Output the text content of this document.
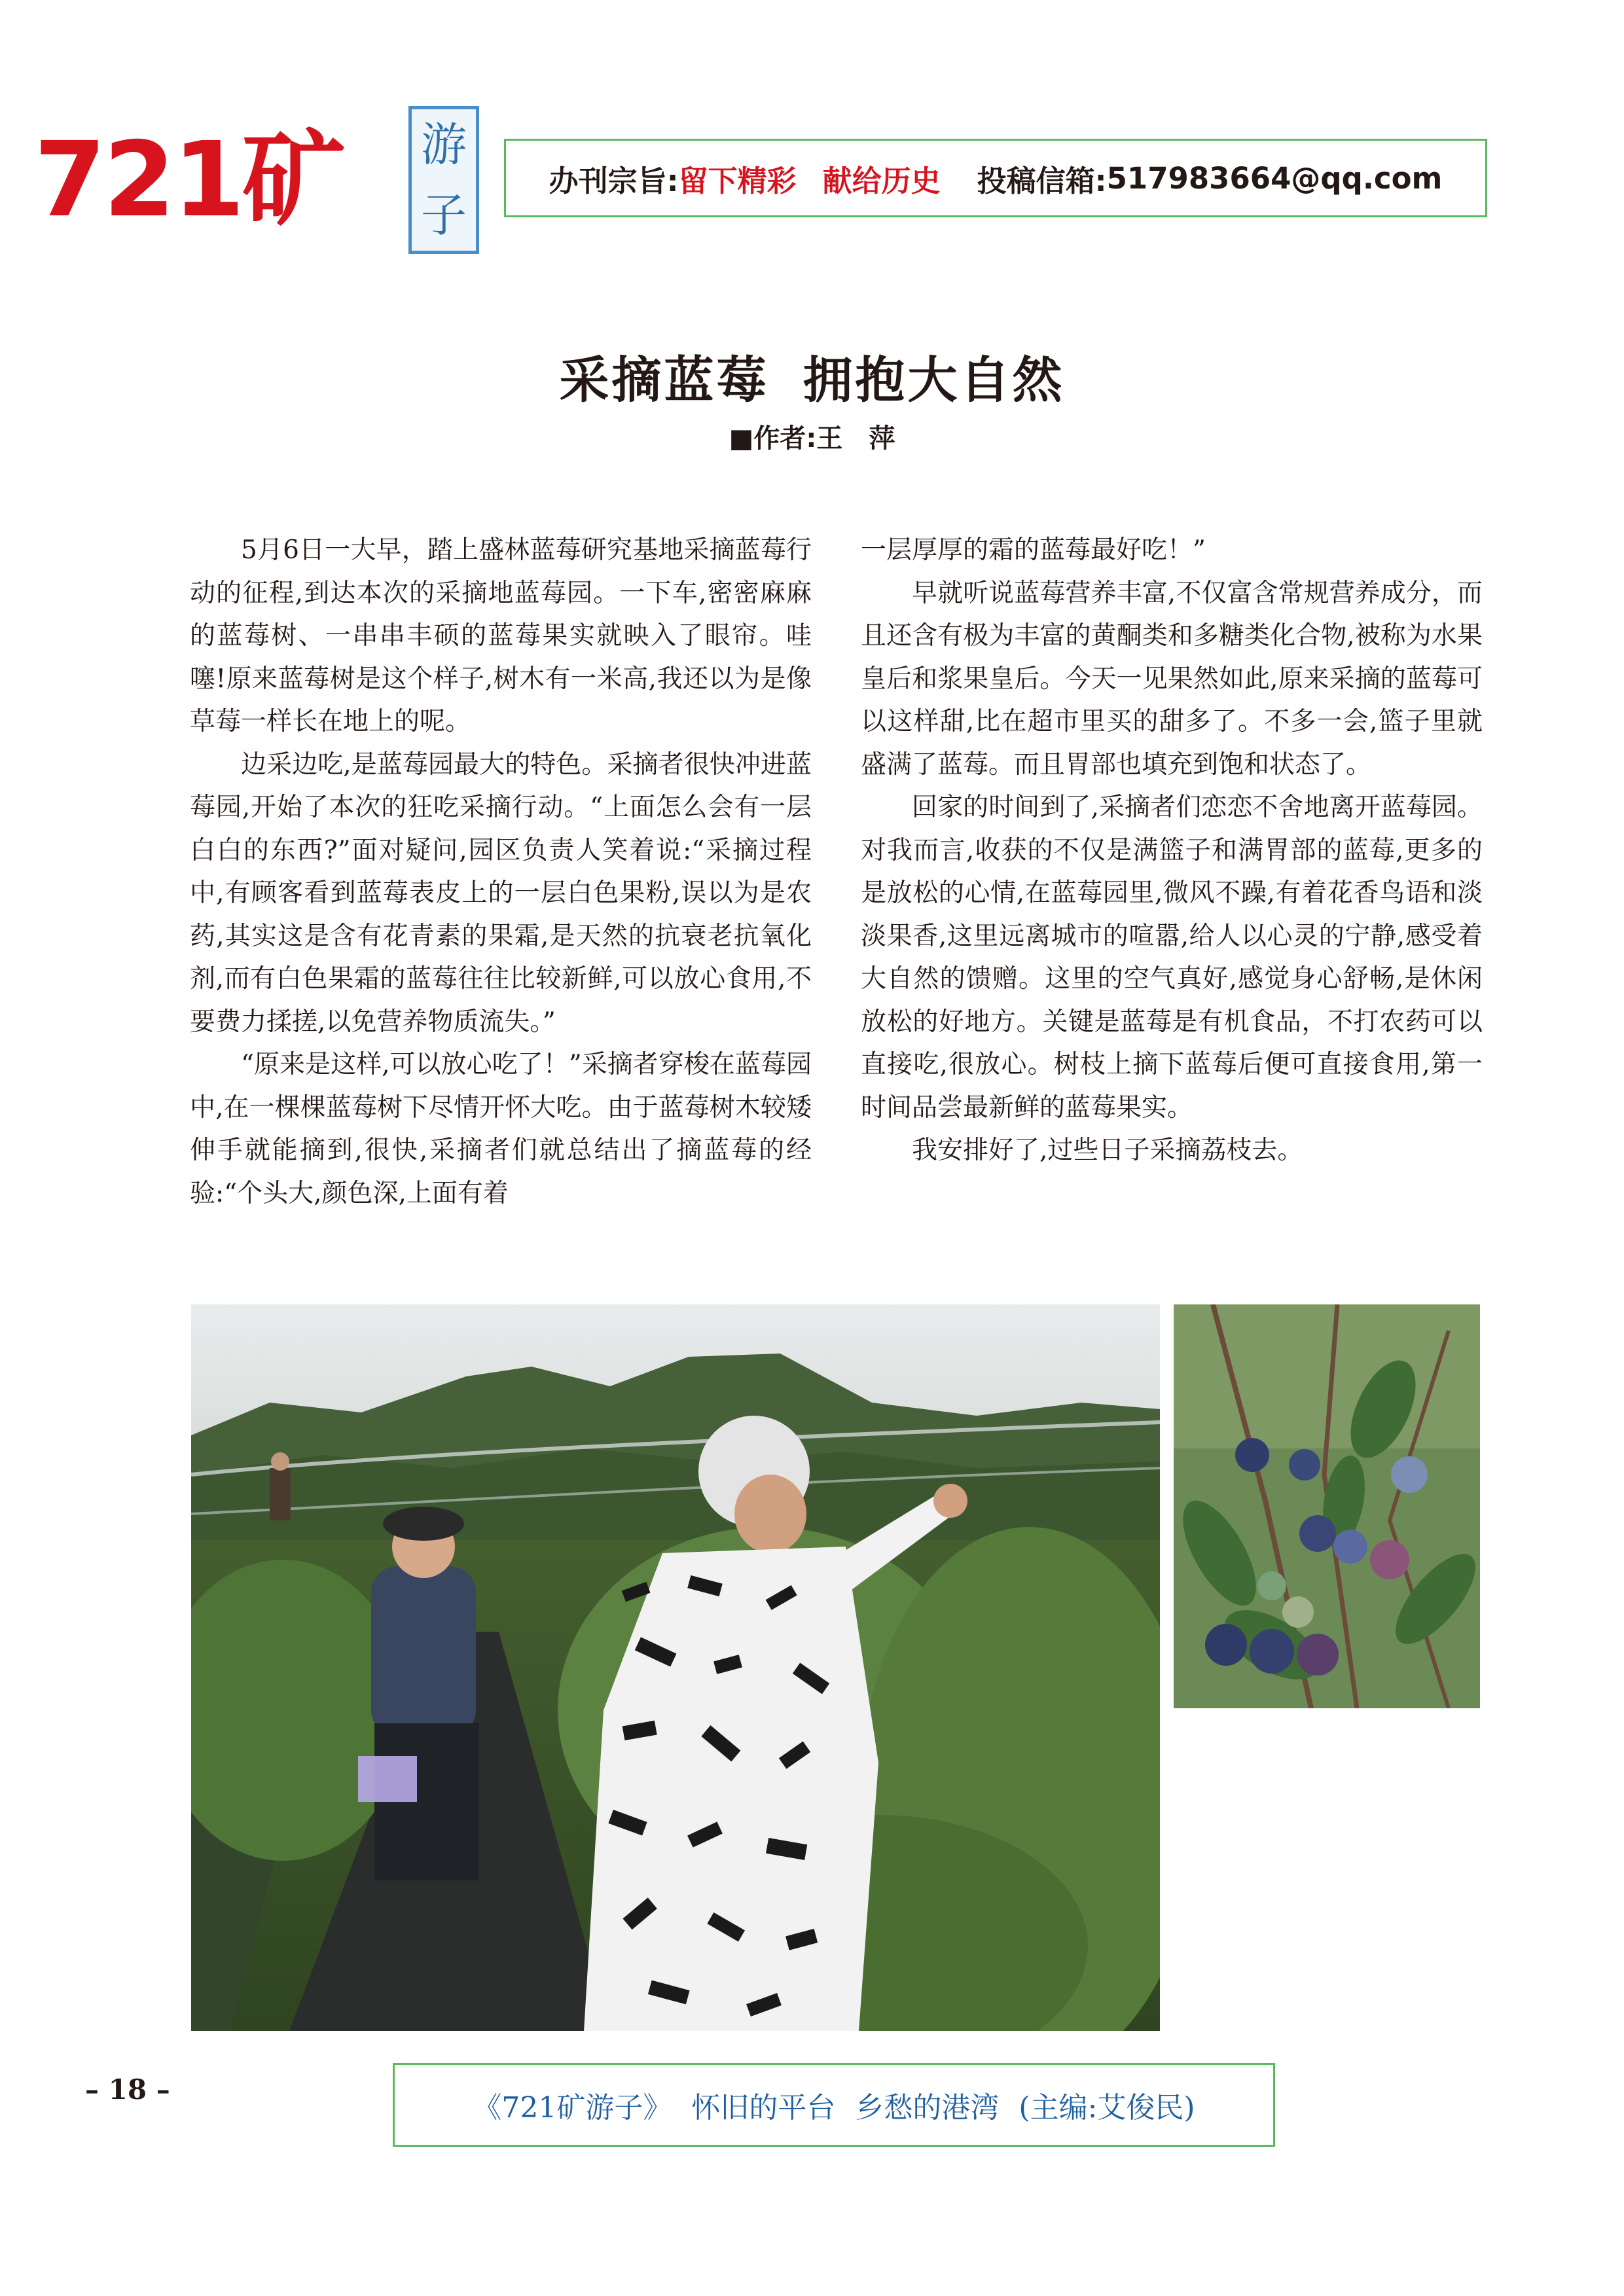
721矿 游
子
办刊宗旨: 留下精彩 献给历史 投稿信箱: 517983664@qq.com
采摘蓝莓 拥抱大自然
■作者:王　萍

5月6日一大早，踏上盛林蓝莓研究基地采摘蓝莓行动的征程,到达本次的采摘地蓝莓园。一下车,密密麻麻的蓝莓树、一串串丰硕的蓝莓果实就映入了眼帘。哇噻!原来蓝莓树是这个样子,树木有一米高,我还以为是像草莓一样长在地上的呢。

边采边吃,是蓝莓园最大的特色。采摘者很快冲进蓝莓园,开始了本次的狂吃采摘行动。“上面怎么会有一层白白的东西?”面对疑问,园区负责人笑着说:“采摘过程中,有顾客看到蓝莓表皮上的一层白色果粉,误以为是农药,其实这是含有花青素的果霜,是天然的抗衰老抗氧化剂,而有白色果霜的蓝莓往往比较新鲜,可以放心食用,不要费力揉搓,以免营养物质流失。”

“原来是这样,可以放心吃了！”采摘者穿梭在蓝莓园中,在一棵棵蓝莓树下尽情开怀大吃。由于蓝莓树木较矮伸手就能摘到,很快,采摘者们就总结出了摘蓝莓的经验:“个头大,颜色深,上面有着

一层厚厚的霜的蓝莓最好吃！”

早就听说蓝莓营养丰富,不仅富含常规营养成分，而且还含有极为丰富的黄酮类和多糖类化合物,被称为水果皇后和浆果皇后。今天一见果然如此,原来采摘的蓝莓可以这样甜,比在超市里买的甜多了。不多一会,篮子里就盛满了蓝莓。而且胃部也填充到饱和状态了。

回家的时间到了,采摘者们恋恋不舍地离开蓝莓园。对我而言,收获的不仅是满篮子和满胃部的蓝莓,更多的是放松的心情,在蓝莓园里,微风不躁,有着花香鸟语和淡淡果香,这里远离城市的喧嚣,给人以心灵的宁静,感受着大自然的馈赠。这里的空气真好,感觉身心舒畅,是休闲放松的好地方。关键是蓝莓是有机食品，不打农药可以直接吃,很放心。树枝上摘下蓝莓后便可直接食用,第一时间品尝最新鲜的蓝莓果实。

我安排好了,过些日子采摘荔枝去。

– 18 –
《721矿游子》 怀旧的平台 乡愁的港湾 (主编:艾俊民)
